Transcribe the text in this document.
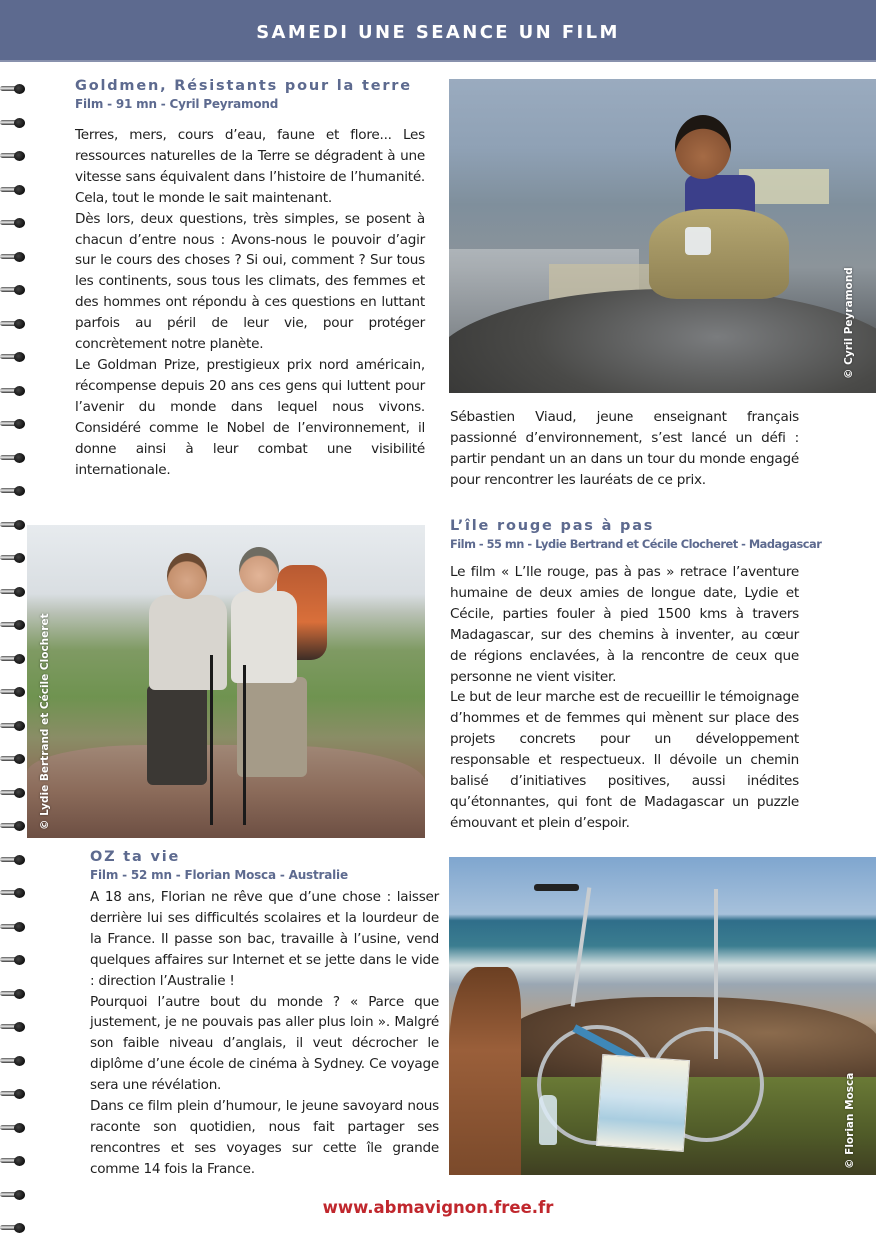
SAMEDI UNE SEANCE UN FILM
Goldmen, Résistants pour la terre
Film - 91 mn - Cyril Peyramond

Terres, mers, cours d’eau, faune et flore... Les ressources naturelles de la Terre se dégradent à une vitesse sans équivalent dans l’histoire de l’humanité. Cela, tout le monde le sait maintenant.

Dès lors, deux questions, très simples, se posent à chacun d’entre nous : Avons-nous le pouvoir d’agir sur le cours des choses ? Si oui, comment ? Sur tous les continents, sous tous les climats, des femmes et des hommes ont répondu à ces questions en luttant parfois au péril de leur vie, pour protéger concrètement notre planète.

Le Goldman Prize, prestigieux prix nord américain, récompense depuis 20 ans ces gens qui luttent pour l’avenir du monde dans lequel nous vivons. Considéré comme le Nobel de l’environnement, il donne ainsi à leur combat une visibilité internationale.

© Cyril Peyramond
Sébastien Viaud, jeune enseignant français passionné d’environnement, s’est lancé un défi : partir pendant un an dans un tour du monde engagé pour rencontrer les lauréats de ce prix.
L’île rouge pas à pas
Film - 55 mn - Lydie Bertrand et Cécile Clocheret - Madagascar

Le film « L’Ile rouge, pas à pas » retrace l’aventure humaine de deux amies de longue date, Lydie et Cécile, parties fouler à pied 1500 kms à travers Madagascar, sur des chemins à inventer, au cœur de régions enclavées, à la rencontre de ceux que personne ne vient visiter.

Le but de leur marche est de recueillir le témoignage d’hommes et de femmes qui mènent sur place des projets concrets pour un développement responsable et respectueux. Il dévoile un chemin balisé d’initiatives positives, aussi inédites qu’étonnantes, qui font de Madagascar un puzzle émouvant et plein d’espoir.

© Lydie Bertrand et Cécile Clocheret
OZ ta vie
Film - 52 mn - Florian Mosca - Australie

A 18 ans, Florian ne rêve que d’une chose : laisser derrière lui ses difficultés scolaires et la lourdeur de la France. Il passe son bac, travaille à l’usine, vend quelques affaires sur Internet et se jette dans le vide : direction l’Australie !

Pourquoi l’autre bout du monde ? « Parce que justement, je ne pouvais pas aller plus loin ». Malgré son faible niveau d’anglais, il veut décrocher le diplôme d’une école de cinéma à Sydney. Ce voyage sera une révélation.

Dans ce film plein d’humour, le jeune savoyard nous raconte son quotidien, nous fait partager ses rencontres et ses voyages sur cette île grande comme 14 fois la France.	© Florian Mosca
www.abmavignon.free.fr
